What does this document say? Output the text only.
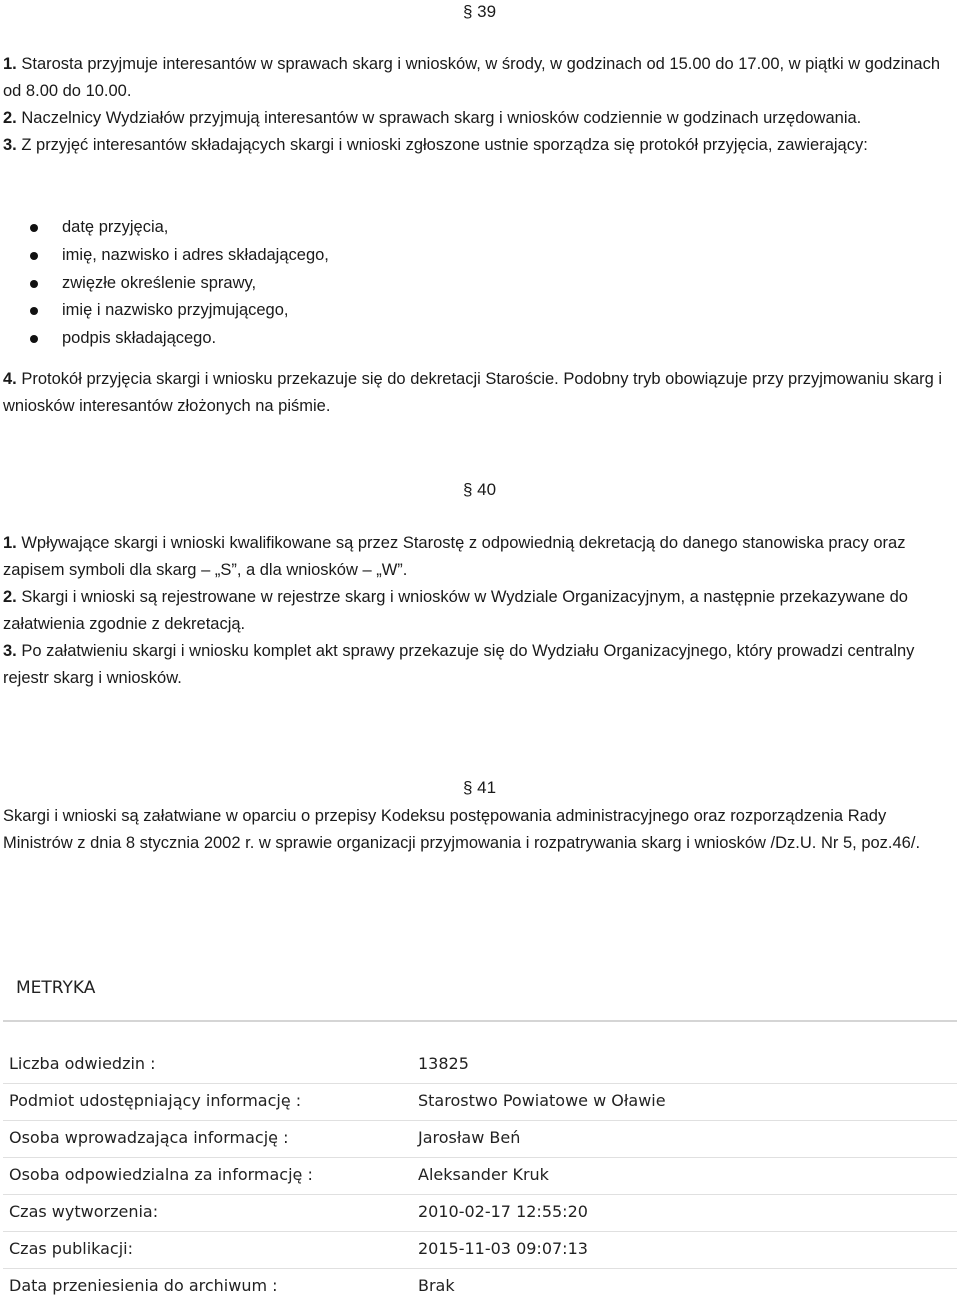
§ 39

1. Starosta przyjmuje interesantów w sprawach skarg i wniosków, w środy, w godzinach od 15.00 do 17.00, w piątki w godzinach od 8.00 do 10.00.

2. Naczelnicy Wydziałów przyjmują interesantów w sprawach skarg i wniosków codziennie w godzinach urzędowania.

3. Z przyjęć interesantów składających skargi i wnioski zgłoszone ustnie sporządza się protokół przyjęcia, zawierający:

datę przyjęcia,
imię, nazwisko i adres składającego,
zwięzłe określenie sprawy,
imię i nazwisko przyjmującego,
podpis składającego.

4. Protokół przyjęcia skargi i wniosku przekazuje się do dekretacji Staroście. Podobny tryb obowiązuje przy przyjmowaniu skarg i wniosków interesantów złożonych na piśmie.

§ 40

1. Wpływające skargi i wnioski kwalifikowane są przez Starostę z odpowiednią dekretacją do danego stanowiska pracy oraz zapisem symboli dla skarg – „S”, a dla wniosków – „W”.

2. Skargi i wnioski są rejestrowane w rejestrze skarg i wniosków w Wydziale Organizacyjnym, a następnie przekazywane do załatwienia zgodnie z dekretacją.

3. Po załatwieniu skargi i wniosku komplet akt sprawy przekazuje się do Wydziału Organizacyjnego, który prowadzi centralny rejestr skarg i wniosków.

§ 41

Skargi i wnioski są załatwiane w oparciu o przepisy Kodeksu postępowania administracyjnego oraz rozporządzenia Rady Ministrów z dnia 8 stycznia 2002 r. w sprawie organizacji przyjmowania i rozpatrywania skarg i wniosków /Dz.U. Nr 5, poz.46/.

METRYKA
Liczba odwiedzin :	13825
Podmiot udostępniający informację :	Starostwo Powiatowe w Oławie
Osoba wprowadzająca informację :	Jarosław Beń
Osoba odpowiedzialna za informację :	Aleksander Kruk
Czas wytworzenia:	2010-02-17 12:55:20
Czas publikacji:	2015-11-03 09:07:13
Data przeniesienia do archiwum :	Brak
